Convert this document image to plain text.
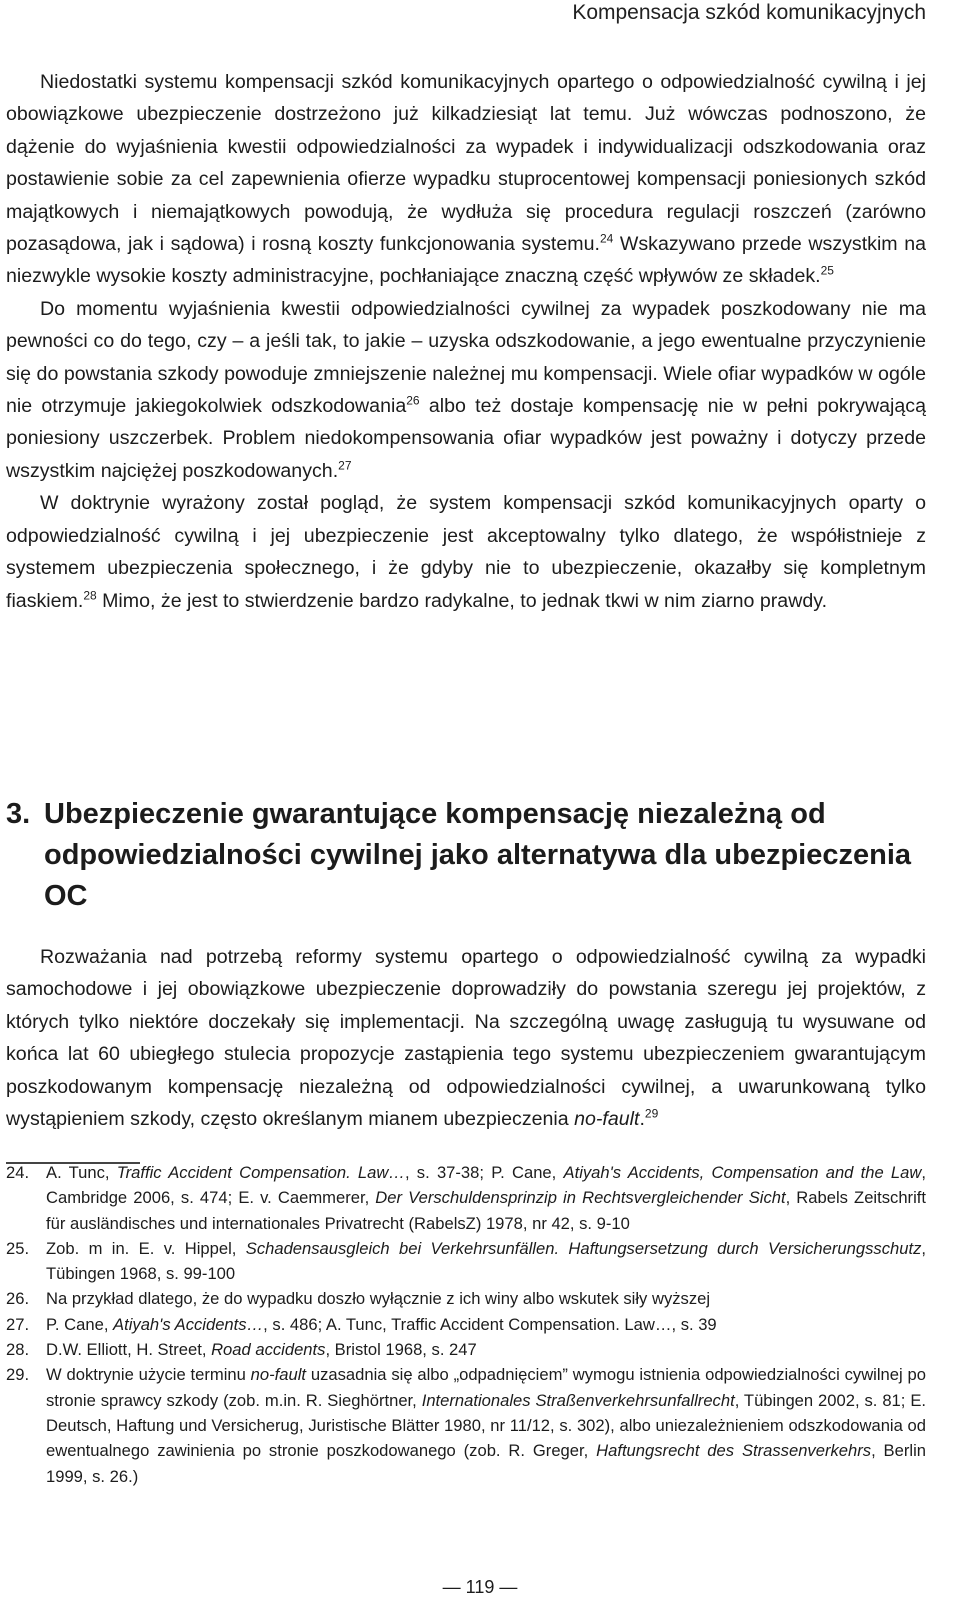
Kompensacja szkód komunikacyjnych

Niedostatki systemu kompensacji szkód komunikacyjnych opartego o odpowiedzialność cywilną i jej obowiązkowe ubezpieczenie dostrzeżono już kilkadziesiąt lat temu. Już wówczas podnoszono, że dążenie do wyjaśnienia kwestii odpowiedzialności za wypadek i indywidualizacji odszkodowania oraz postawienie sobie za cel zapewnienia ofierze wypadku stuprocentowej kompensacji poniesionych szkód majątkowych i niemajątkowych powodują, że wydłuża się procedura regulacji roszczeń (zarówno pozasądowa, jak i sądowa) i rosną koszty funkcjonowania systemu.$^{24}$ Wskazywano przede wszystkim na niezwykle wysokie koszty administracyjne, pochłaniające znaczną część wpływów ze składek.$^{25}$

Do momentu wyjaśnienia kwestii odpowiedzialności cywilnej za wypadek poszkodowany nie ma pewności co do tego, czy – a jeśli tak, to jakie – uzyska odszkodowanie, a jego ewentualne przyczynienie się do powstania szkody powoduje zmniejszenie należnej mu kompensacji. Wiele ofiar wypadków w ogóle nie otrzymuje jakiegokolwiek odszkodowania$^{26}$ albo też dostaje kompensację nie w pełni pokrywającą poniesiony uszczerbek. Problem niedokompensowania ofiar wypadków jest poważny i dotyczy przede wszystkim najciężej poszkodowanych.$^{27}$

W doktrynie wyrażony został pogląd, że system kompensacji szkód komunikacyjnych oparty o odpowiedzialność cywilną i jej ubezpieczenie jest akceptowalny tylko dlatego, że współistnieje z systemem ubezpieczenia społecznego, i że gdyby nie to ubezpieczenie, okazałby się kompletnym fiaskiem.$^{28}$ Mimo, że jest to stwierdzenie bardzo radykalne, to jednak tkwi w nim ziarno prawdy.

3. Ubezpieczenie gwarantujące kompensację niezależną od odpowiedzialności cywilnej jako alternatywa dla ubezpieczenia OC

Rozważania nad potrzebą reformy systemu opartego o odpowiedzialność cywilną za wypadki samochodowe i jej obowiązkowe ubezpieczenie doprowadziły do powstania szeregu jej projektów, z których tylko niektóre doczekały się implementacji. Na szczególną uwagę zasługują tu wysuwane od końca lat 60 ubiegłego stulecia propozycje zastąpienia tego systemu ubezpieczeniem gwarantującym poszkodowanym kompensację niezależną od odpowiedzialności cywilnej, a uwarunkowaną tylko wystąpieniem szkody, często określanym mianem ubezpieczenia no-fault.$^{29}$

24.	A. Tunc, Traffic Accident Compensation. Law…, s. 37-38; P. Cane, Atiyah's Accidents, Compensation and the Law, Cambridge 2006, s. 474; E. v. Caemmerer, Der Verschuldensprinzip in Rechtsvergleichender Sicht, Rabels Zeitschrift für ausländisches und internationales Privatrecht (RabelsZ) 1978, nr 42, s. 9-10
25.	Zob. m in. E. v. Hippel, Schadensausgleich bei Verkehrsunfällen. Haftungsersetzung durch Versicherungsschutz, Tübingen 1968, s. 99-100
26.	Na przykład dlatego, że do wypadku doszło wyłącznie z ich winy albo wskutek siły wyższej
27.	P. Cane, Atiyah's Accidents…, s. 486; A. Tunc, Traffic Accident Compensation. Law…, s. 39
28.	D.W. Elliott, H. Street, Road accidents, Bristol 1968, s. 247
29.	W doktrynie użycie terminu no-fault uzasadnia się albo „odpadnięciem” wymogu istnienia odpowiedzialności cywilnej po stronie sprawcy szkody (zob. m.in. R. Sieghörtner, Internationales Straßenverkehrsunfallrecht, Tübingen 2002, s. 81; E. Deutsch, Haftung und Versicherug, Juristische Blätter 1980, nr 11/12, s. 302), albo uniezależnieniem odszkodowania od ewentualnego zawinienia po stronie poszkodowanego (zob. R. Greger, Haftungsrecht des Strassenverkehrs, Berlin 1999, s. 26.)
— 119 —
